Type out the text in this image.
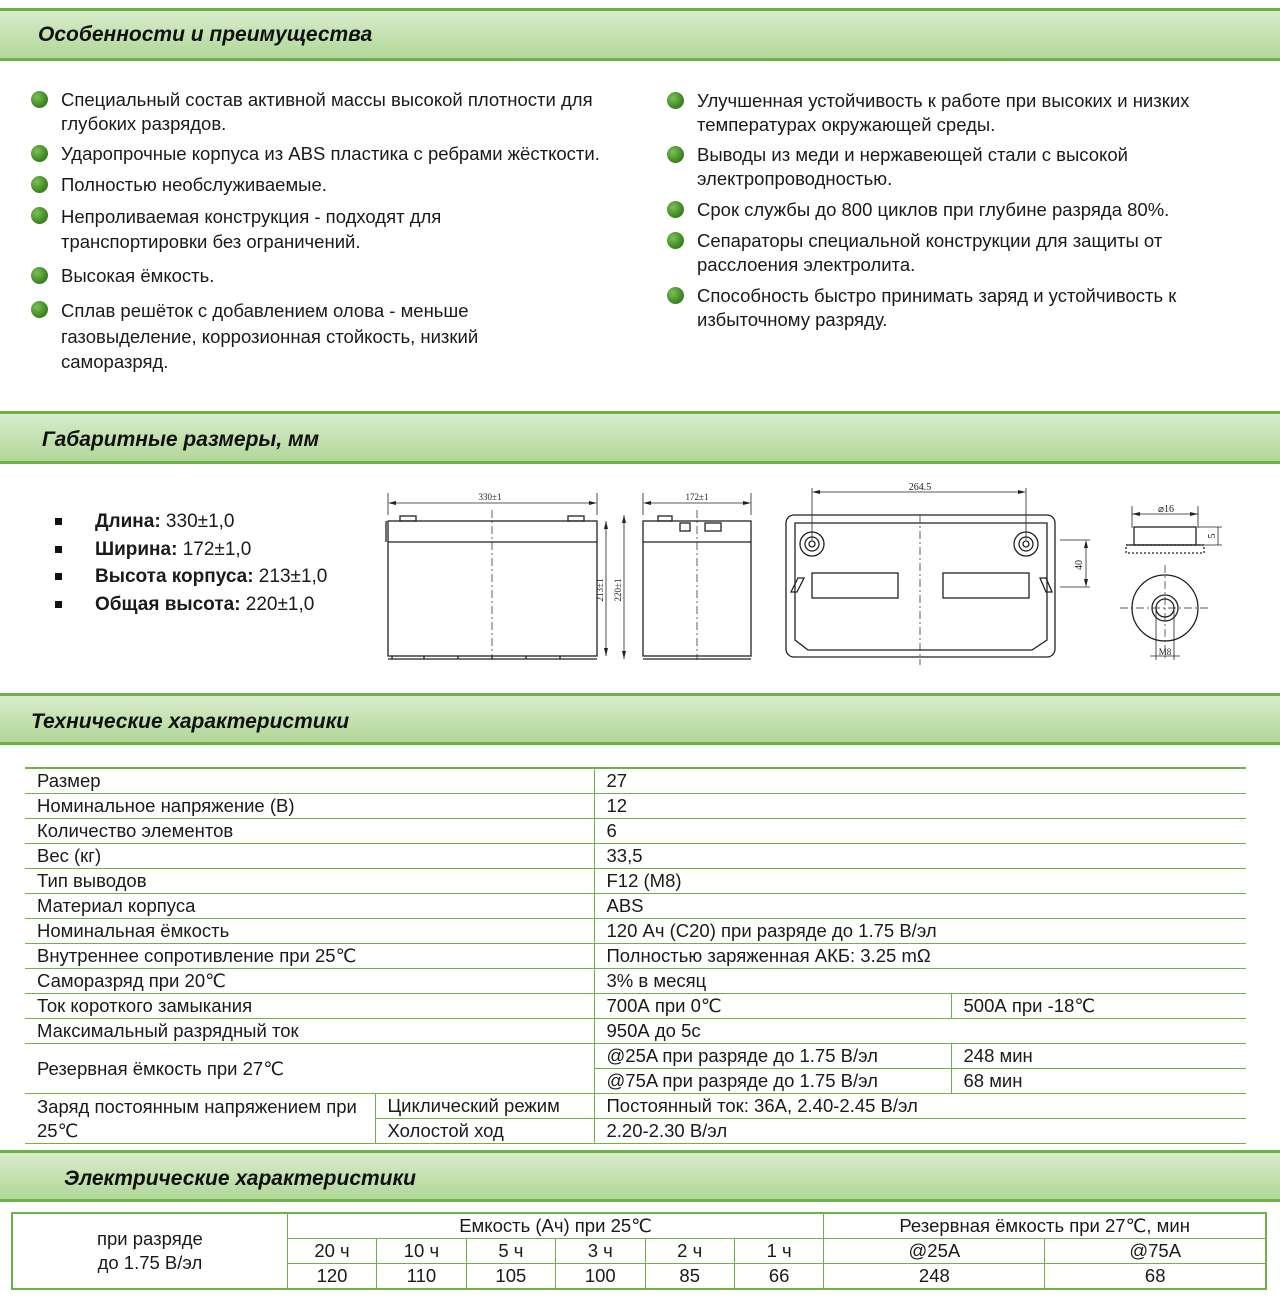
Особенности и преимущества
Габаритные размеры, мм
Технические характеристики
Электрические характеристики
Специальный состав активной массы высокой плотности для глубоких разрядов.
Ударопрочные корпуса из ABS пластика с ребрами жёсткости.
Полностью необслуживаемые.
Непроливаемая конструкция - подходят для транспортировки без ограничений.
Высокая ёмкость.
Сплав решёток с добавлением олова - меньше газовыделение, коррозионная стойкость, низкий саморазряд.
Улучшенная устойчивость к работе при высоких и низких температурах окружающей среды.
Выводы из меди и нержавеющей стали с высокой электропроводностью.
Срок службы до 800 циклов при глубине разряда 80%.
Сепараторы специальной конструкции для защиты от расслоения электролита.
Способность быстро принимать заряд и устойчивость к избыточному разряду.
Длина: 330±1,0
Ширина: 172±1,0
Высота корпуса: 213±1,0
Общая высота: 220±1,0
330±1	172±1
213±1 220±1
264.5
40
⌀16
5
M8
Размер		27	
Номинальное напряжение (В)		12	
Количество элементов		6	
Вес (кг)		33,5	
Тип выводов		F12 (M8)	
Материал корпуса		ABS	
Номинальная ёмкость		120 Ач (C20) при разряде до 1.75 В/эл	
Внутреннее сопротивление при 25℃		Полностью заряженная АКБ: 3.25 mΩ	
Саморазряд при 20℃		3% в месяц	
Ток короткого замыкания		700А при 0℃	500А при -18℃
Максимальный разрядный ток		950А до 5с	
Резервная ёмкость при 27℃		@25A при разряде до 1.75 В/эл	248 мин
		@75A при разряде до 1.75 В/эл	68 мин
Заряд постоянным напряжением при 25℃	Циклический режим	Постоянный ток: 36А, 2.40-2.45 В/эл	
	Холостой ход	2.20-2.30 В/эл	
при разряде до 1.75 В/эл	Емкость (Ач) при 25℃						Резервная ёмкость при 27℃, мин	
	20 ч	10 ч	5 ч	3 ч	2 ч	1 ч	@25A	@75A
	120	110	105	100	85	66	248	68
